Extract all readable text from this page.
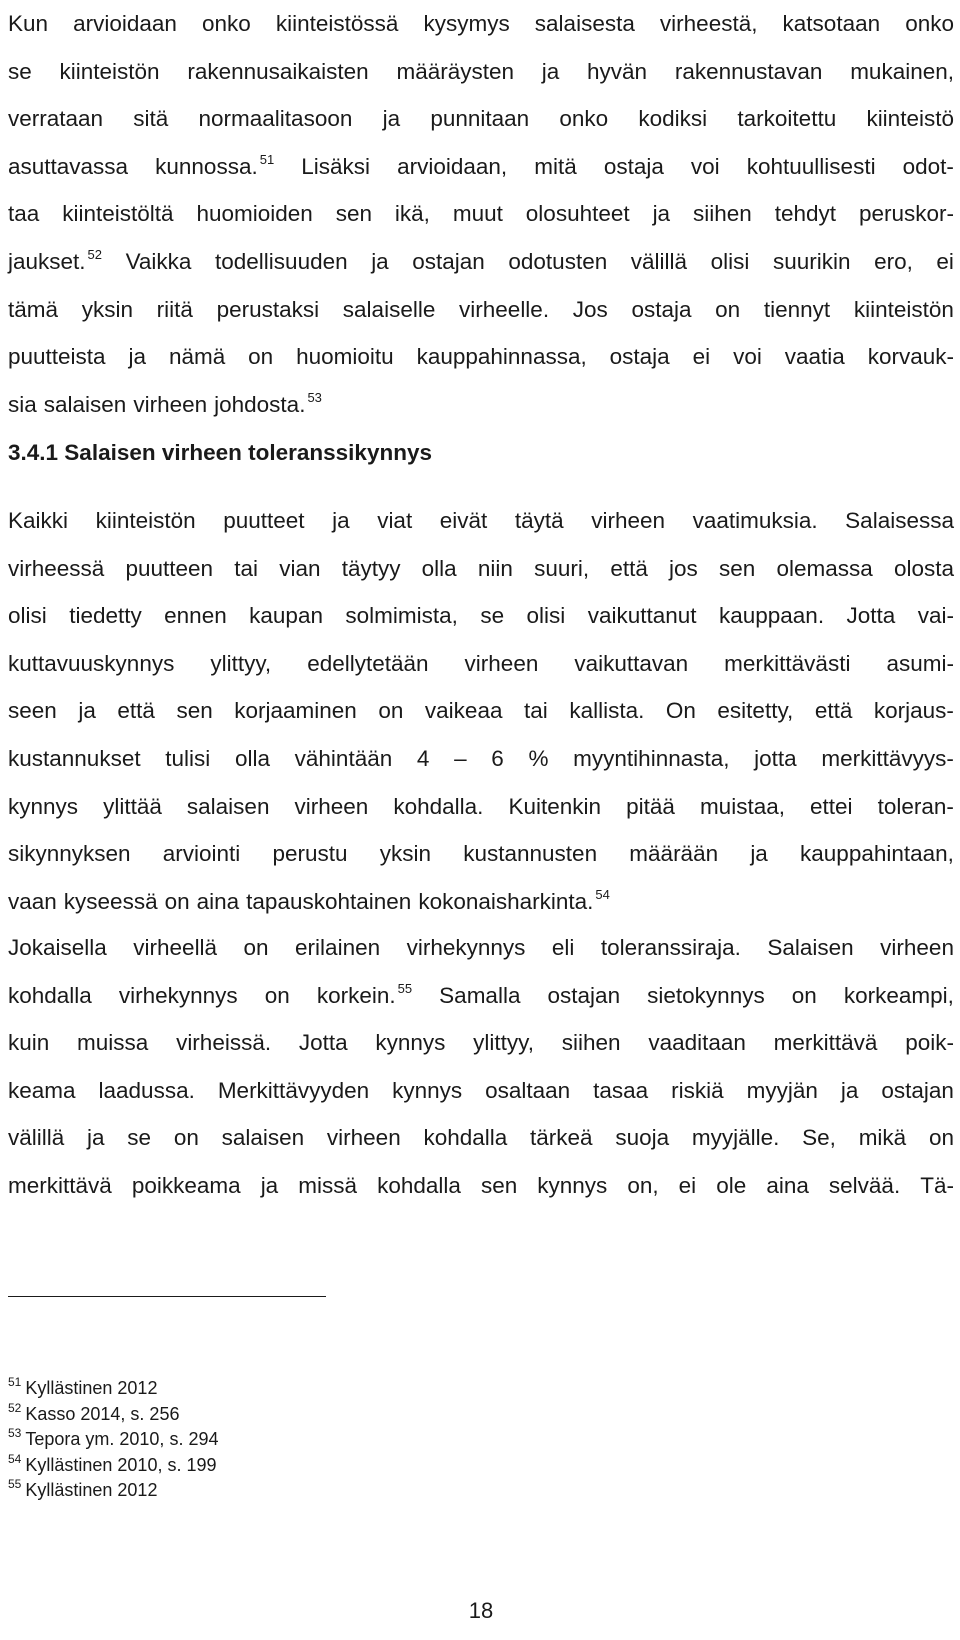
Kun arvioidaan onko kiinteistössä kysymys salaisesta virheestä, katsotaan onko
se kiinteistön rakennusaikaisten määräysten ja hyvän rakennustavan mukainen,
verrataan sitä normaalitasoon ja punnitaan onko kodiksi tarkoitettu kiinteistö
asuttavassa kunnossa. $^{51}$ Lisäksi arvioidaan, mitä ostaja voi kohtuullisesti odot-
taa kiinteistöltä huomioiden sen ikä, muut olosuhteet ja siihen tehdyt peruskor-
jaukset. $^{52}$ Vaikka todellisuuden ja ostajan odotusten välillä olisi suurikin ero, ei
tämä yksin riitä perustaksi salaiselle virheelle. Jos ostaja on tiennyt kiinteistön
puutteista ja nämä on huomioitu kauppahinnassa, ostaja ei voi vaatia korvauk-
sia salaisen virheen johdosta. $^{53}$
3.4.1 Salaisen virheen toleranssikynnys
Kaikki kiinteistön puutteet ja viat eivät täytä virheen vaatimuksia. Salaisessa
virheessä puutteen tai vian täytyy olla niin suuri, että jos sen olemassa olosta
olisi tiedetty ennen kaupan solmimista, se olisi vaikuttanut kauppaan. Jotta vai-
kuttavuuskynnys ylittyy, edellytetään virheen vaikuttavan merkittävästi asumi-
seen ja että sen korjaaminen on vaikeaa tai kallista. On esitetty, että korjaus-
kustannukset tulisi olla vähintään 4 – 6 % myyntihinnasta, jotta merkittävyys-
kynnys ylittää salaisen virheen kohdalla. Kuitenkin pitää muistaa, ettei toleran-
sikynnyksen arviointi perustu yksin kustannusten määrään ja kauppahintaan,
vaan kyseessä on aina tapauskohtainen kokonaisharkinta. $^{54}$
Jokaisella virheellä on erilainen virhekynnys eli toleranssiraja. Salaisen virheen
kohdalla virhekynnys on korkein. $^{55}$ Samalla ostajan sietokynnys on korkeampi,
kuin muissa virheissä. Jotta kynnys ylittyy, siihen vaaditaan merkittävä poik-
keama laadussa. Merkittävyyden kynnys osaltaan tasaa riskiä myyjän ja ostajan
välillä ja se on salaisen virheen kohdalla tärkeä suoja myyjälle. Se, mikä on
merkittävä poikkeama ja missä kohdalla sen kynnys on, ei ole aina selvää. Tä-
$^{51}$ Kyllästinen 2012
$^{52}$ Kasso 2014, s. 256
$^{53}$ Tepora ym. 2010, s. 294
$^{54}$ Kyllästinen 2010, s. 199
$^{55}$ Kyllästinen 2012
18
